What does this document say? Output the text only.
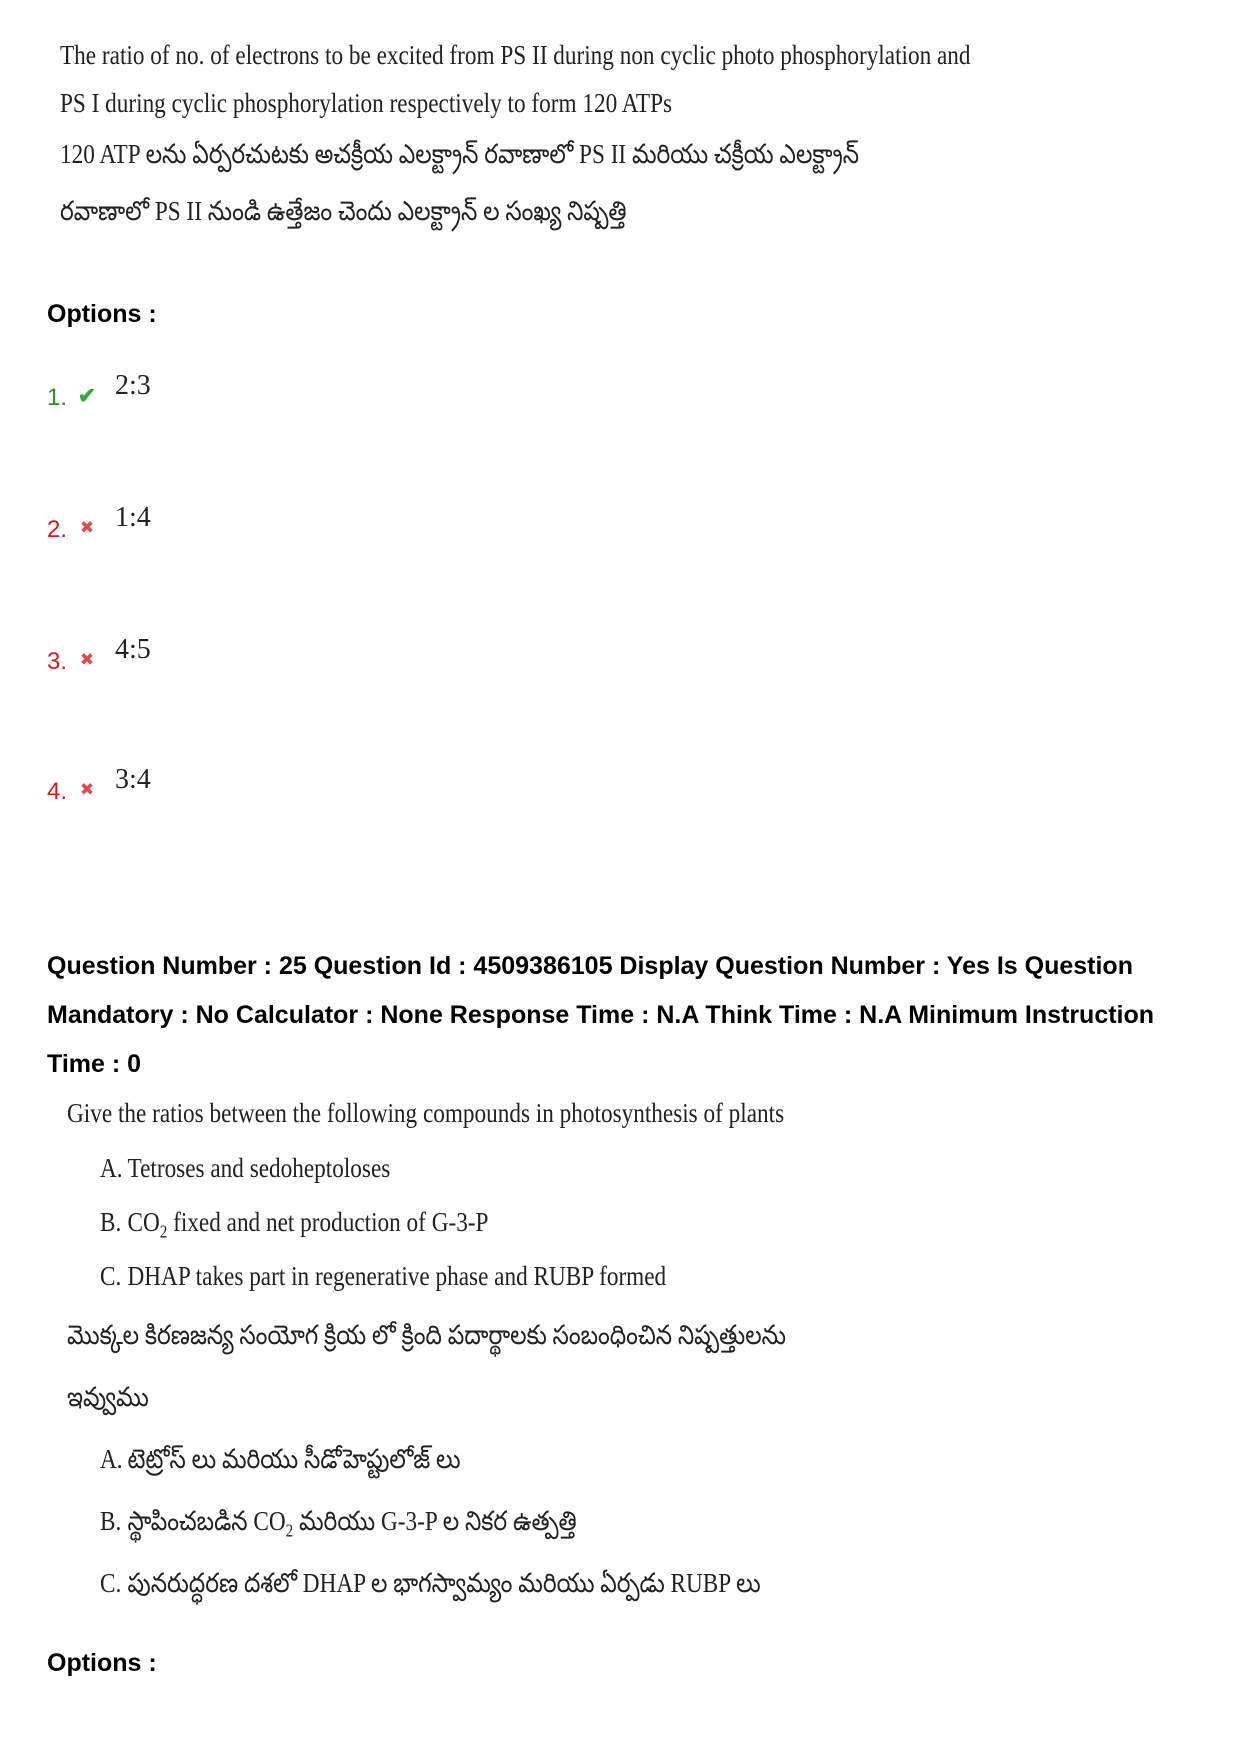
The ratio of no. of electrons to be excited from PS II during non cyclic photo phosphorylation and
PS I during cyclic phosphorylation respectively to form 120 ATPs
120 ATP లను ఏర్పరచుటకు అచక్రీయ ఎలక్ట్రాన్ రవాణాలో PS II మరియు చక్రీయ ఎలక్ట్రాన్
రవాణాలో PS II నుండి ఉత్తేజం చెందు ఎలక్ట్రాన్ ల సంఖ్య నిష్పత్తి
Options :
1. ✔ 2:3
2. ✖ 1:4
3. ✖ 4:5
4. ✖ 3:4
Question Number : 25 Question Id : 4509386105 Display Question Number : Yes Is Question
Mandatory : No Calculator : None Response Time : N.A Think Time : N.A Minimum Instruction
Time : 0
Give the ratios between the following compounds in photosynthesis of plants
A. Tetroses and sedoheptoloses
B. $CO_2$ fixed and net production of G-3-P
C. DHAP takes part in regenerative phase and RUBP formed
మొక్కల కిరణజన్య సంయోగ క్రియ లో క్రింది పదార్థాలకు సంబంధించిన నిష్పత్తులను
ఇవ్వుము
A. టెట్రోస్ లు మరియు సీడోహెప్టులోజ్ లు
B. స్థాపించబడిన $CO_2$ మరియు G-3-P ల నికర ఉత్పత్తి
C. పునరుద్ధరణ దశలో DHAP ల భాగస్వామ్యం మరియు ఏర్పడు RUBP లు
Options :
